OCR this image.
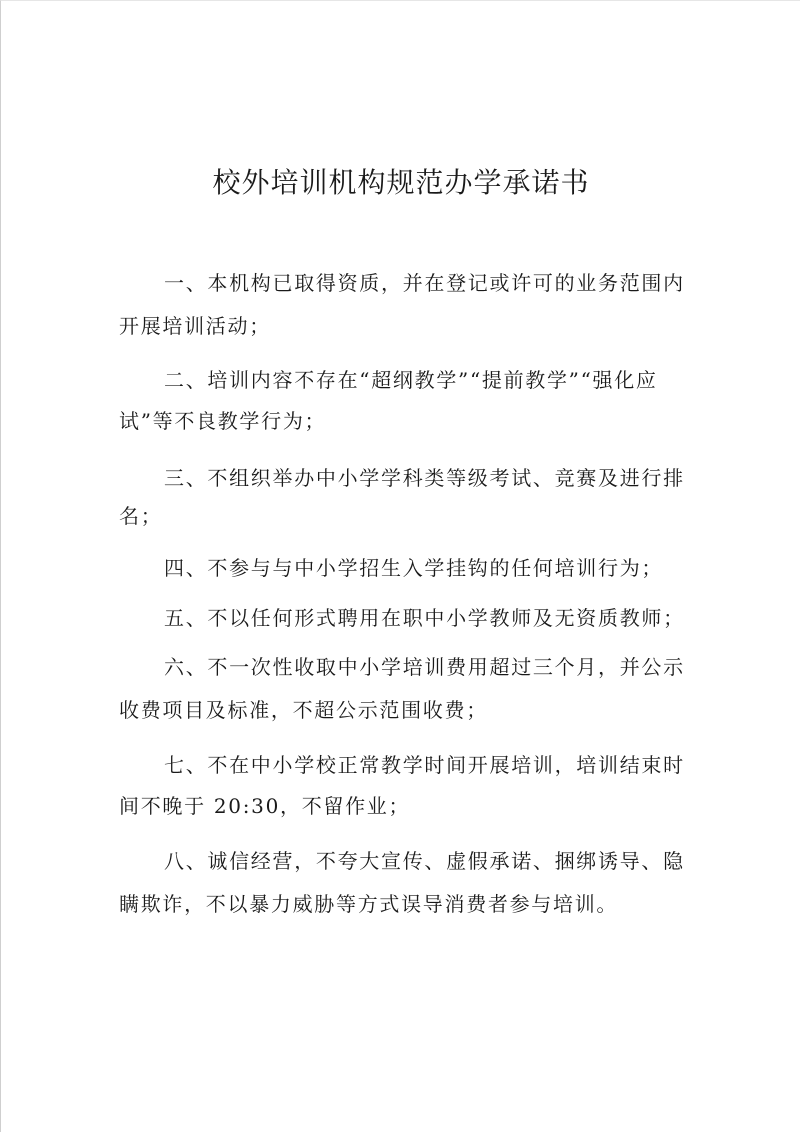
校外培训机构规范办学承诺书
一、本机构已取得资质，并在登记或许可的业务范围内
开展培训活动；
二、培训内容不存在“超纲教学”“提前教学”“强化应
试”等不良教学行为；
三、不组织举办中小学学科类等级考试、竞赛及进行排
名；
四、不参与与中小学招生入学挂钩的任何培训行为；
五、不以任何形式聘用在职中小学教师及无资质教师；
六、不一次性收取中小学培训费用超过三个月，并公示
收费项目及标准，不超公示范围收费；
七、不在中小学校正常教学时间开展培训，培训结束时
间不晚于 20:30，不留作业；
八、诚信经营，不夸大宣传、虚假承诺、捆绑诱导、隐
瞒欺诈，不以暴力威胁等方式误导消费者参与培训。
